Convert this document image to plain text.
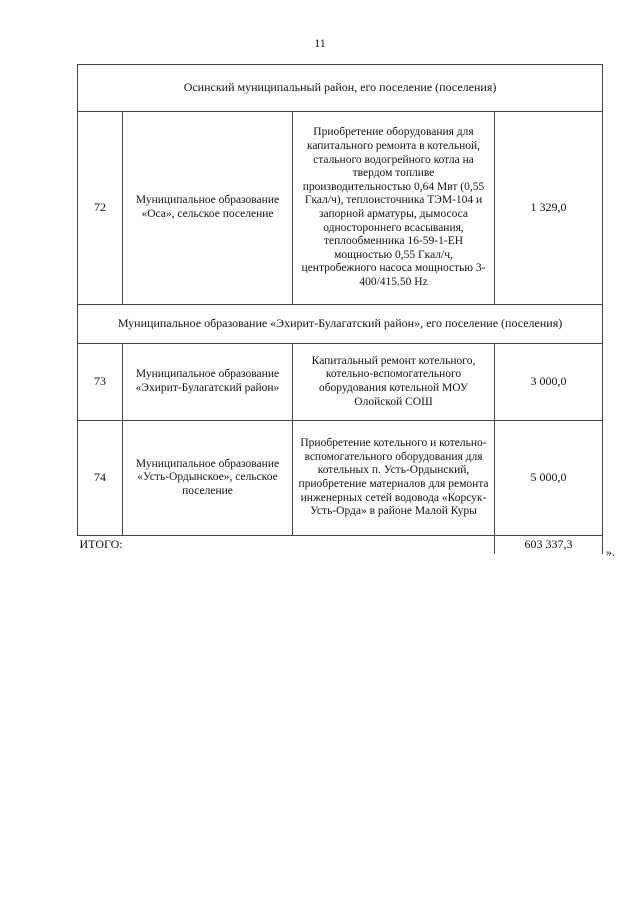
11
Осинский муниципальный район, его поселение (поселения)			
72	Муниципальное образование «Оса», сельское поселение	Приобретение оборудования для капитального ремонта в котельной, стального водогрейного котла на твердом топливе производительностью 0,64 Мвт (0,55 Гкал/ч), теплоисточника ТЭМ-104 и запорной арматуры, дымососа одностороннего всасывания, теплообменника 16-59-1-ЕН мощностью 0,55 Гкал/ч, центробежного насоса мощностью 3-400/415.50 Hz	1 329,0
Муниципальное образование «Эхирит-Булагатский район», его поселение (поселения)			
73	Муниципальное образование «Эхирит-Булагатский район»	Капитальный ремонт котельного, котельно-вспомогательного оборудования котельной МОУ Олойской СОШ	3 000,0
74	Муниципальное образование «Усть-Ордынское», сельское поселение	Приобретение котельного и котельно-вспомогательного оборудования для котельных п. Усть-Ордынский, приобретение материалов для ремонта инженерных сетей водовода «Корсук-Усть-Орда» в районе Малой Куры	5 000,0
ИТОГО:			603 337,3
».
